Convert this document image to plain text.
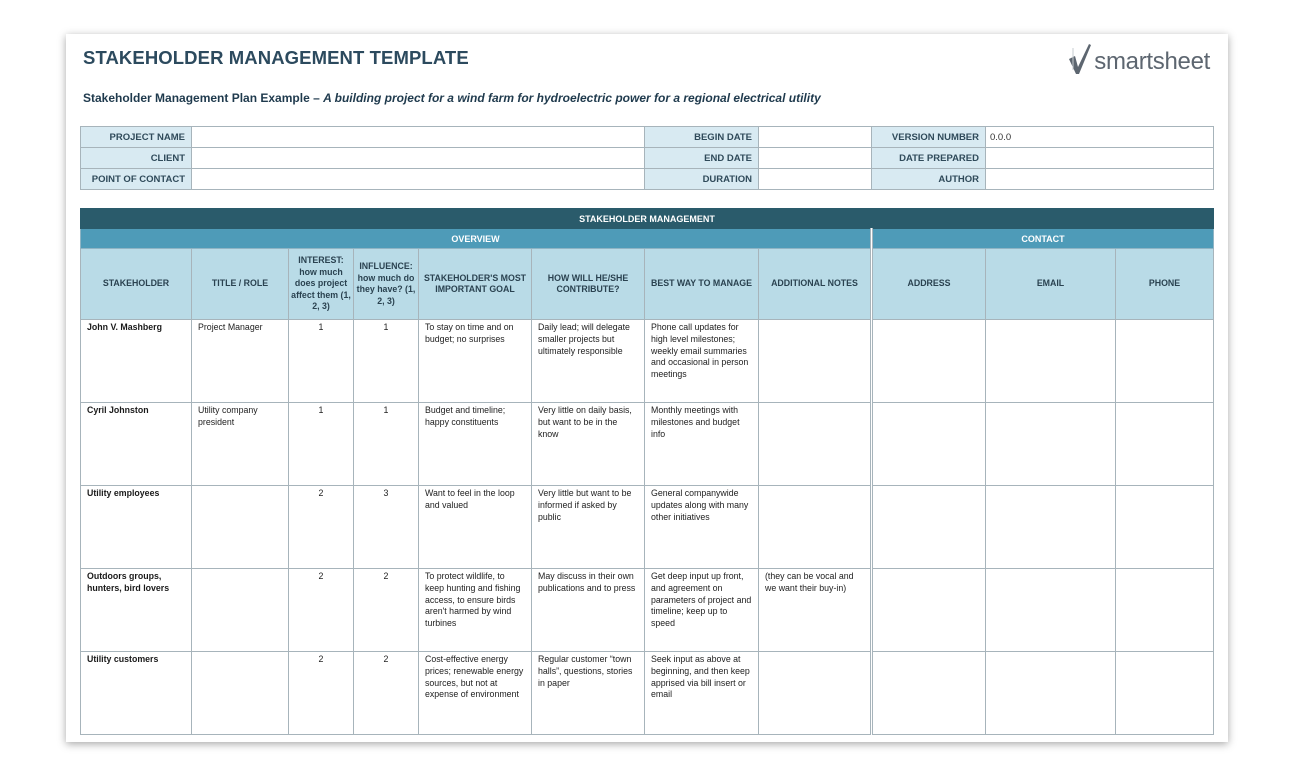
STAKEHOLDER MANAGEMENT TEMPLATE	smartsheet
Stakeholder Management Plan Example – A building project for a wind farm for hydroelectric power for a regional electrical utility
PROJECT NAME		BEGIN DATE		VERSION NUMBER	0.0.0
CLIENT		END DATE		DATE PREPARED	
POINT OF CONTACT		DURATION		AUTHOR	
STAKEHOLDER MANAGEMENT										
OVERVIEW								CONTACT		
STAKEHOLDER	TITLE / ROLE	INTEREST: how much does project affect them (1, 2, 3)	INFLUENCE: how much do they have? (1, 2, 3)	STAKEHOLDER'S MOST IMPORTANT GOAL	HOW WILL HE/SHE CONTRIBUTE?	BEST WAY TO MANAGE	ADDITIONAL NOTES	ADDRESS	EMAIL	PHONE
John V. Mashberg	Project Manager	1	1	To stay on time and on budget; no surprises	Daily lead; will delegate smaller projects but ultimately responsible	Phone call updates for high level milestones; weekly email summaries and occasional in person meetings				
Cyril Johnston	Utility company president	1	1	Budget and timeline; happy constituents	Very little on daily basis, but want to be in the know	Monthly meetings with milestones and budget info				
Utility employees		2	3	Want to feel in the loop and valued	Very little but want to be informed if asked by public	General companywide updates along with many other initiatives				
Outdoors groups, hunters, bird lovers		2	2	To protect wildlife, to keep hunting and fishing access, to ensure birds aren't harmed by wind turbines	May discuss in their own publications and to press	Get deep input up front, and agreement on parameters of project and timeline; keep up to speed	(they can be vocal and we want their buy-in)			
Utility customers		2	2	Cost-effective energy prices; renewable energy sources, but not at expense of environment	Regular customer “town halls”, questions, stories in paper	Seek input as above at beginning, and then keep apprised via bill insert or email				
